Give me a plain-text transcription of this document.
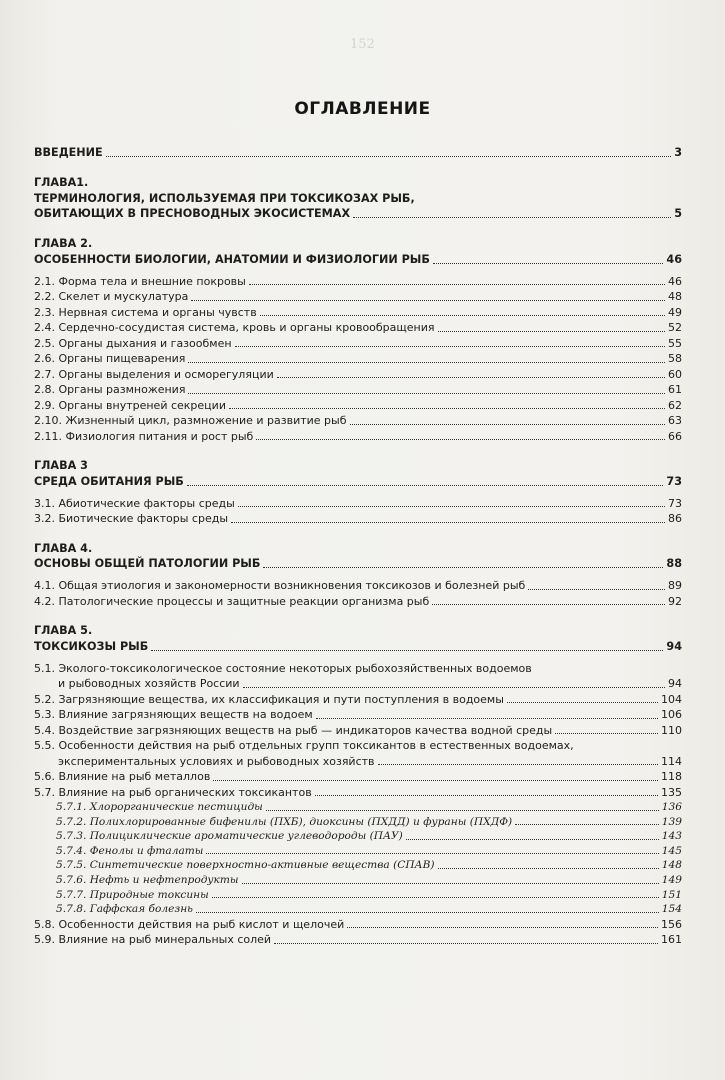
152
ОГЛАВЛЕНИЕ
ВВЕДЕНИЕ	3
ГЛАВА1.
ТЕРМИНОЛОГИЯ, ИСПОЛЬЗУЕМАЯ ПРИ ТОКСИКОЗАХ РЫБ,
ОБИТАЮЩИХ В ПРЕСНОВОДНЫХ ЭКОСИСТЕМАХ	5
ГЛАВА 2.
ОСОБЕННОСТИ БИОЛОГИИ, АНАТОМИИ И ФИЗИОЛОГИИ РЫБ	46
2.1. Форма тела и внешние покровы	46
2.2. Скелет и мускулатура	48
2.3. Нервная система и органы чувств	49
2.4. Сердечно-сосудистая система, кровь и органы кровообращения	52
2.5. Органы дыхания и газообмен	55
2.6. Органы пищеварения	58
2.7. Органы выделения и осморегуляции	60
2.8. Органы размножения	61
2.9. Органы внутреней секреции	62
2.10. Жизненный цикл, размножение и развитие рыб	63
2.11. Физиология питания и рост рыб	66
ГЛАВА 3
СРЕДА ОБИТАНИЯ РЫБ	73
3.1. Абиотические факторы среды	73
3.2. Биотические факторы среды	86
ГЛАВА 4.
ОСНОВЫ ОБЩЕЙ ПАТОЛОГИИ РЫБ	88
4.1. Общая этиология и закономерности возникновения токсикозов и болезней рыб	89
4.2. Патологические процессы и защитные реакции организма рыб	92
ГЛАВА 5.
ТОКСИКОЗЫ РЫБ	94
5.1. Эколого-токсикологическое состояние некоторых рыбохозяйственных водоемов
и рыбоводных хозяйств России	94
5.2. Загрязняющие вещества, их классификация и пути поступления в водоемы	104
5.3. Влияние загрязняющих веществ на водоем	106
5.4. Воздействие загрязняющих веществ на рыб — индикаторов качества водной среды	110
5.5. Особенности действия на рыб отдельных групп токсикантов в естественных водоемах,
экспериментальных условиях и рыбоводных хозяйств	114
5.6. Влияние на рыб металлов	118
5.7. Влияние на рыб органических токсикантов	135
5.7.1. Хлорорганические пестициды	136
5.7.2. Полихлорированные бифенилы (ПХБ), диоксины (ПХДД) и фураны (ПХДФ)	139
5.7.3. Полициклические ароматические углеводороды (ПАУ)	143
5.7.4. Фенолы и фталаты	145
5.7.5. Синтетические поверхностно-активные вещества (СПАВ)	148
5.7.6. Нефть и нефтепродукты	149
5.7.7. Природные токсины	151
5.7.8. Гаффская болезнь	154
5.8. Особенности действия на рыб кислот и щелочей	156
5.9. Влияние на рыб минеральных солей	161
